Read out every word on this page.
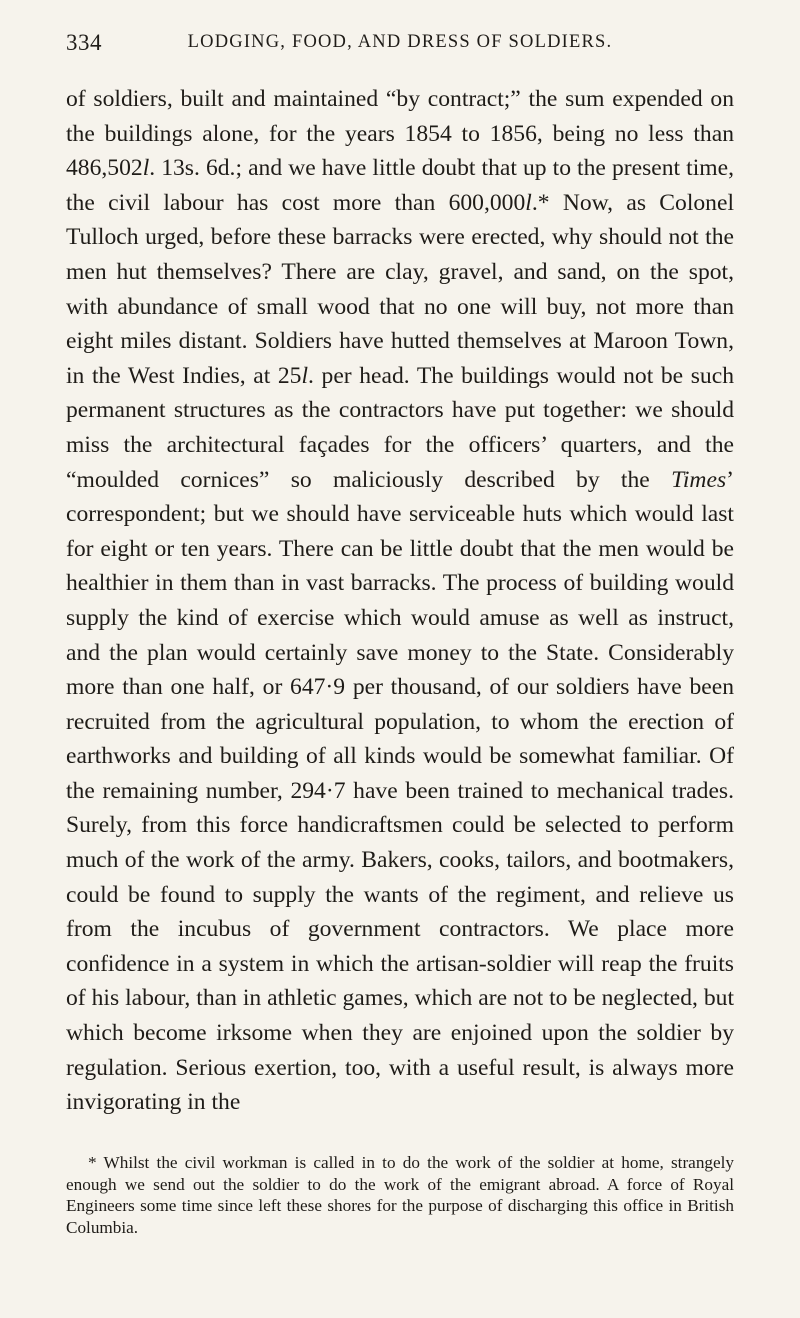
334	LODGING, FOOD, AND DRESS OF SOLDIERS.

of soldiers, built and maintained “by contract;” the sum expended on the buildings alone, for the years 1854 to 1856, being no less than 486,502l. 13s. 6d.; and we have little doubt that up to the present time, the civil labour has cost more than 600,000l.* Now, as Colonel Tulloch urged, before these barracks were erected, why should not the men hut themselves? There are clay, gravel, and sand, on the spot, with abundance of small wood that no one will buy, not more than eight miles distant. Soldiers have hutted themselves at Maroon Town, in the West Indies, at 25l. per head. The buildings would not be such permanent structures as the contractors have put together: we should miss the architectural façades for the officers’ quarters, and the “moulded cornices” so maliciously described by the Times’ correspondent; but we should have serviceable huts which would last for eight or ten years. There can be little doubt that the men would be healthier in them than in vast barracks. The process of building would supply the kind of exercise which would amuse as well as instruct, and the plan would certainly save money to the State. Considerably more than one half, or 647·9 per thousand, of our soldiers have been recruited from the agricultural population, to whom the erection of earthworks and building of all kinds would be somewhat familiar. Of the remaining number, 294·7 have been trained to mechanical trades. Surely, from this force handicraftsmen could be selected to perform much of the work of the army. Bakers, cooks, tailors, and bootmakers, could be found to supply the wants of the regiment, and relieve us from the incubus of government contractors. We place more confidence in a system in which the artisan-soldier will reap the fruits of his labour, than in athletic games, which are not to be neglected, but which become irksome when they are enjoined upon the soldier by regulation. Serious exertion, too, with a useful result, is always more invigorating in the

* Whilst the civil workman is called in to do the work of the soldier at home, strangely enough we send out the soldier to do the work of the emigrant abroad. A force of Royal Engineers some time since left these shores for the purpose of discharging this office in British Columbia.
